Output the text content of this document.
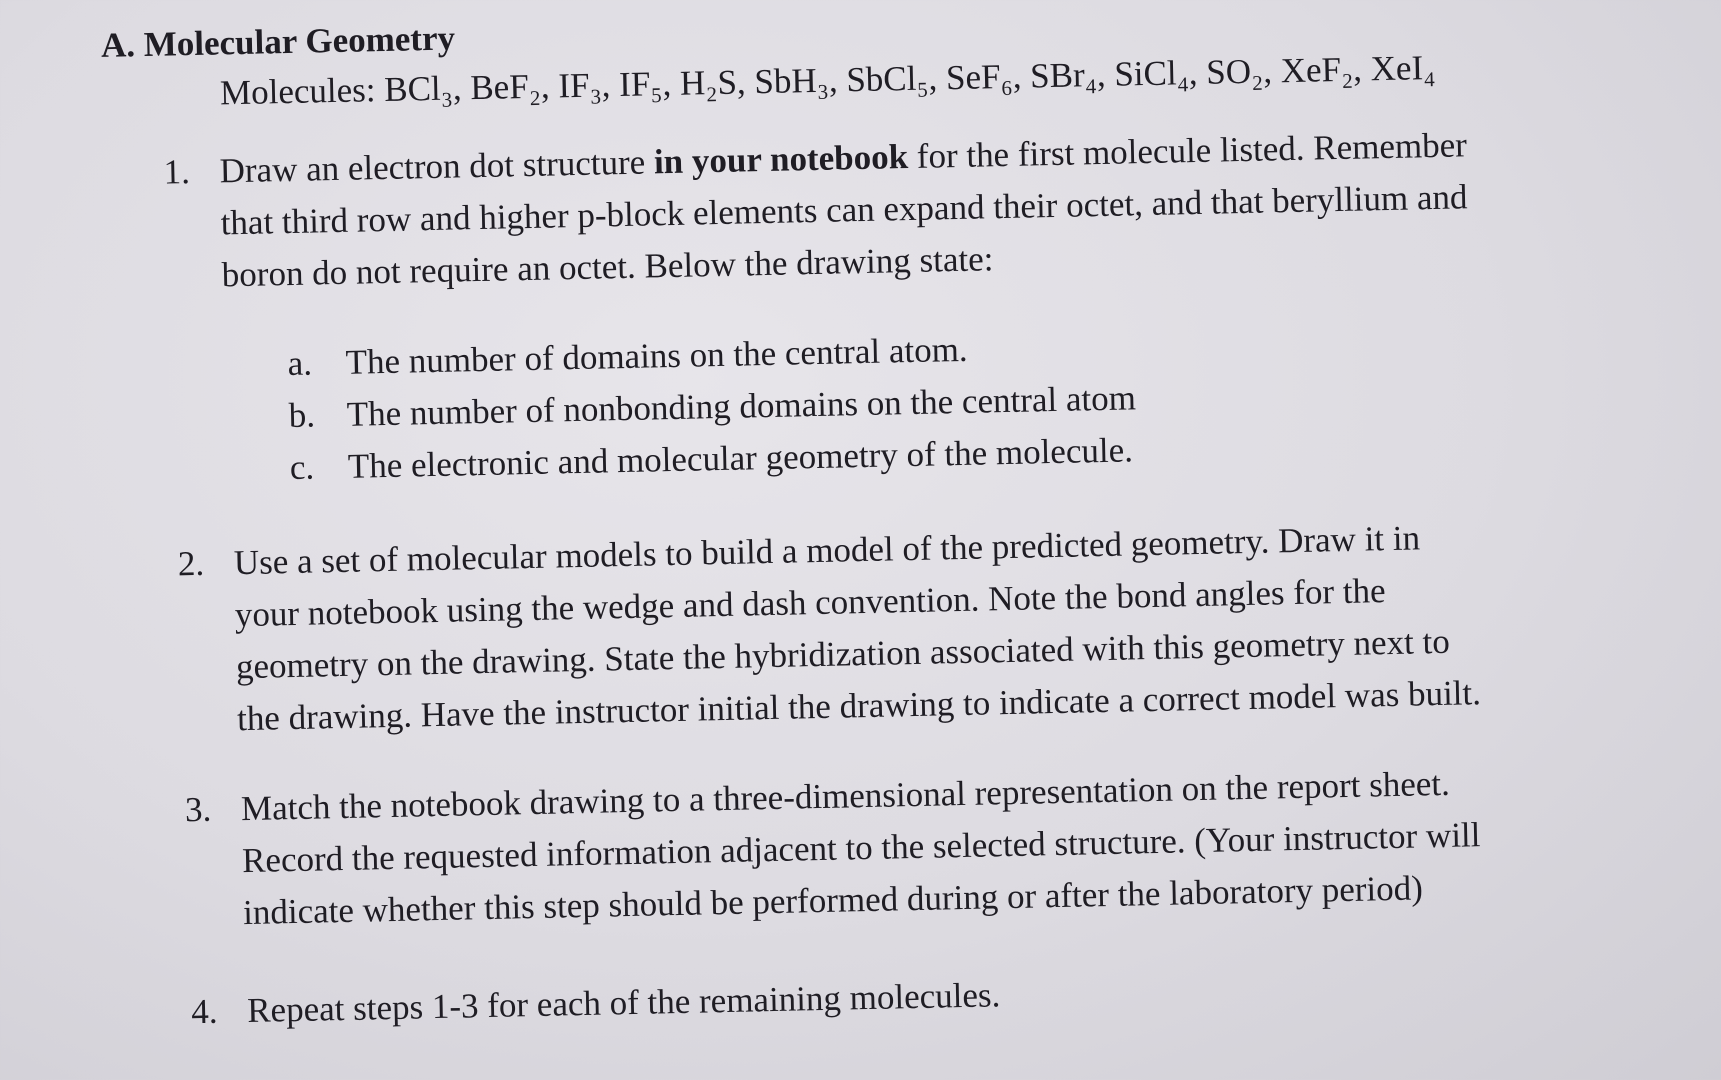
A. Molecular Geometry
Molecules: BCl₃, BeF₂, IF₃, IF₅, H₂S, SbH₃, SbCl₅, SeF₆, SBr₄, SiCl₄, SO₂, XeF₂, XeI₄
1. Draw an electron dot structure in your notebook for the first molecule listed. Remember

that third row and higher p-block elements can expand their octet, and that beryllium and

boron do not require an octet. Below the drawing state:

a. The number of domains on the central atom.
b. The number of nonbonding domains on the central atom
c. The electronic and molecular geometry of the molecule.
2. Use a set of molecular models to build a model of the predicted geometry. Draw it in

your notebook using the wedge and dash convention. Note the bond angles for the

geometry on the drawing. State the hybridization associated with this geometry next to

the drawing. Have the instructor initial the drawing to indicate a correct model was built.

3. Match the notebook drawing to a three-dimensional representation on the report sheet.

Record the requested information adjacent to the selected structure. (Your instructor will

indicate whether this step should be performed during or after the laboratory period)

4. Repeat steps 1-3 for each of the remaining molecules.
